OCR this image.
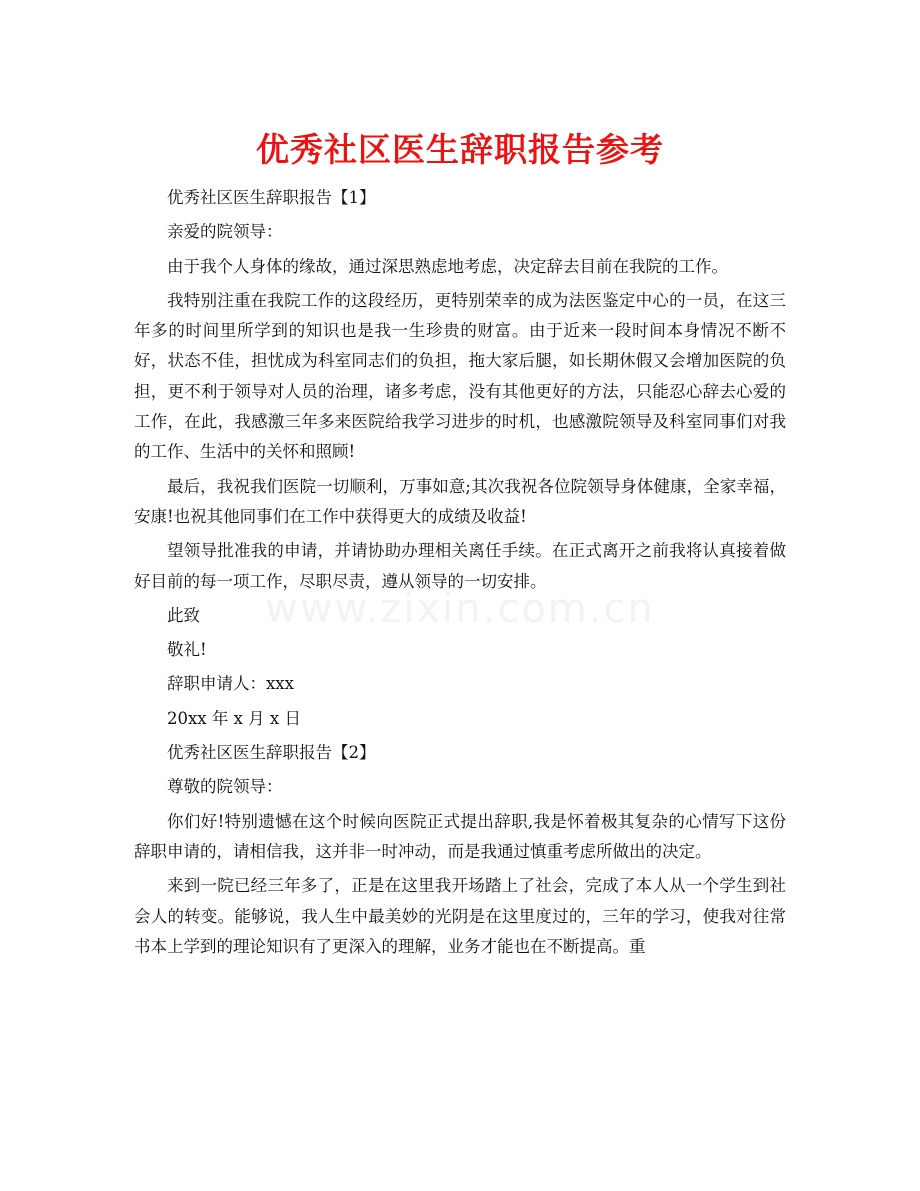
优秀社区医生辞职报告参考
www.zixin.com.cn

优秀社区医生辞职报告【1】

亲爱的院领导：

由于我个人身体的缘故，通过深思熟虑地考虑，决定辞去目前在我院的工作。

我特别注重在我院工作的这段经历，更特别荣幸的成为法医鉴定中心的一员，在这三年多的时间里所学到的知识也是我一生珍贵的财富。由于近来一段时间本身情况不断不好，状态不佳，担忧成为科室同志们的负担，拖大家后腿，如长期休假又会增加医院的负担，更不利于领导对人员的治理，诸多考虑，没有其他更好的方法，只能忍心辞去心爱的工作，在此，我感激三年多来医院给我学习进步的时机，也感激院领导及科室同事们对我的工作、生活中的关怀和照顾!

最后，我祝我们医院一切顺利，万事如意;其次我祝各位院领导身体健康，全家幸福，安康!也祝其他同事们在工作中获得更大的成绩及收益!

望领导批准我的申请，并请协助办理相关离任手续。在正式离开之前我将认真接着做好目前的每一项工作，尽职尽责，遵从领导的一切安排。

此致

敬礼!

辞职申请人：xxx

20xx 年 x 月 x 日

优秀社区医生辞职报告【2】

尊敬的院领导：

你们好!特别遗憾在这个时候向医院正式提出辞职,我是怀着极其复杂的心情写下这份辞职申请的，请相信我，这并非一时冲动，而是我通过慎重考虑所做出的决定。

来到一院已经三年多了，正是在这里我开场踏上了社会，完成了本人从一个学生到社会人的转变。能够说，我人生中最美妙的光阴是在这里度过的，三年的学习，使我对往常书本上学到的理论知识有了更深入的理解，业务才能也在不断提高。重
